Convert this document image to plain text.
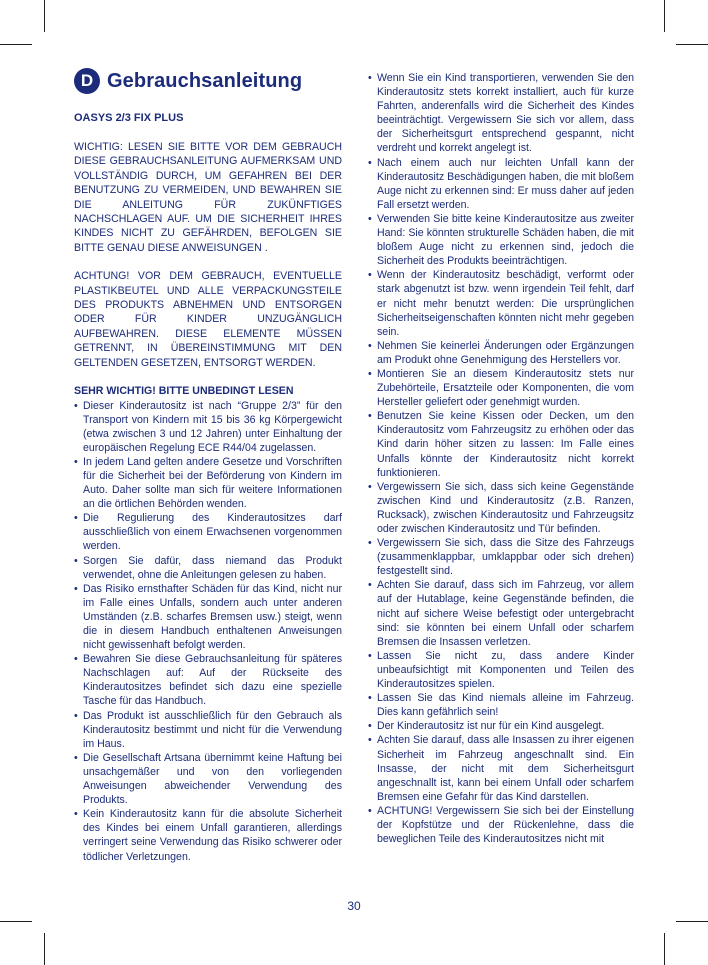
D Gebrauchsanleitung
OASYS 2/3 FIX PLUS

WICHTIG: LESEN SIE BITTE VOR DEM GEBRAUCH DIESE GEBRAUCHSANLEITUNG AUFMERKSAM UND VOLLSTÄNDIG DURCH, UM GEFAHREN BEI DER BENUTZUNG ZU VERMEIDEN, UND BEWAHREN SIE DIE ANLEITUNG FÜR ZUKÜNFTIGES NACHSCHLAGEN AUF. UM DIE SICHERHEIT IHRES KINDES NICHT ZU GEFÄHRDEN, BEFOLGEN SIE BITTE GENAU DIESE ANWEISUNGEN .

ACHTUNG! VOR DEM GEBRAUCH, EVENTUELLE PLASTIKBEUTEL UND ALLE VERPACKUNGSTEILE DES PRODUKTS ABNEHMEN UND ENTSORGEN ODER FÜR KINDER UNZUGÄNGLICH AUFBEWAHREN. DIESE ELEMENTE MÜSSEN GETRENNT, IN ÜBEREINSTIMMUNG MIT DEN GELTENDEN GESETZEN, ENTSORGT WERDEN.

SEHR WICHTIG! BITTE UNBEDINGT LESEN
• Dieser Kinderautositz ist nach “Gruppe 2/3” für den Transport von Kindern mit 15 bis 36 kg Körpergewicht (etwa zwischen 3 und 12 Jahren) unter Einhaltung der europäischen Regelung ECE R44/04 zugelassen.
• In jedem Land gelten andere Gesetze und Vorschriften für die Sicherheit bei der Beförderung von Kindern im Auto. Daher sollte man sich für weitere Informationen an die örtlichen Behörden wenden.
• Die Regulierung des Kinderautositzes darf ausschließlich von einem Erwachsenen vorgenommen werden.
• Sorgen Sie dafür, dass niemand das Produkt verwendet, ohne die Anleitungen gelesen zu haben.
• Das Risiko ernsthafter Schäden für das Kind, nicht nur im Falle eines Unfalls, sondern auch unter anderen Umständen (z.B. scharfes Bremsen usw.) steigt, wenn die in diesem Handbuch enthaltenen Anweisungen nicht gewissenhaft befolgt werden.
• Bewahren Sie diese Gebrauchsanleitung für späteres Nachschlagen auf: Auf der Rückseite des Kinderautositzes befindet sich dazu eine spezielle Tasche für das Handbuch.
• Das Produkt ist ausschließlich für den Gebrauch als Kinderautositz bestimmt und nicht für die Verwendung im Haus.
• Die Gesellschaft Artsana übernimmt keine Haftung bei unsachgemäßer und von den vorliegenden Anweisungen abweichender Verwendung des Produkts.
• Kein Kinderautositz kann für die absolute Sicherheit des Kindes bei einem Unfall garantieren, allerdings verringert seine Verwendung das Risiko schwerer oder tödlicher Verletzungen.
• Wenn Sie ein Kind transportieren, verwenden Sie den Kinderautositz stets korrekt installiert, auch für kurze Fahrten, anderenfalls wird die Sicherheit des Kindes beeinträchtigt. Vergewissern Sie sich vor allem, dass der Sicherheitsgurt entsprechend gespannt, nicht verdreht und korrekt angelegt ist.
• Nach einem auch nur leichten Unfall kann der Kinderautositz Beschädigungen haben, die mit bloßem Auge nicht zu erkennen sind: Er muss daher auf jeden Fall ersetzt werden.
• Verwenden Sie bitte keine Kinderautositze aus zweiter Hand: Sie könnten strukturelle Schäden haben, die mit bloßem Auge nicht zu erkennen sind, jedoch die Sicherheit des Produkts beeinträchtigen.
• Wenn der Kinderautositz beschädigt, verformt oder stark abgenutzt ist bzw. wenn irgendein Teil fehlt, darf er nicht mehr benutzt werden: Die ursprünglichen Sicherheitseigenschaften könnten nicht mehr gegeben sein.
• Nehmen Sie keinerlei Änderungen oder Ergänzungen am Produkt ohne Genehmigung des Herstellers vor.
• Montieren Sie an diesem Kinderautositz stets nur Zubehörteile, Ersatzteile oder Komponenten, die vom Hersteller geliefert oder genehmigt wurden.
• Benutzen Sie keine Kissen oder Decken, um den Kinderautositz vom Fahrzeugsitz zu erhöhen oder das Kind darin höher sitzen zu lassen: Im Falle eines Unfalls könnte der Kinderautositz nicht korrekt funktionieren.
• Vergewissern Sie sich, dass sich keine Gegenstände zwischen Kind und Kinderautositz (z.B. Ranzen, Rucksack), zwischen Kinderautositz und Fahrzeugsitz oder zwischen Kinderautositz und Tür befinden.
• Vergewissern Sie sich, dass die Sitze des Fahrzeugs (zusammenklappbar, umklappbar oder sich drehen) festgestellt sind.
• Achten Sie darauf, dass sich im Fahrzeug, vor allem auf der Hutablage, keine Gegenstände befinden, die nicht auf sichere Weise befestigt oder untergebracht sind: sie könnten bei einem Unfall oder scharfem Bremsen die Insassen verletzen.
• Lassen Sie nicht zu, dass andere Kinder unbeaufsichtigt mit Komponenten und Teilen des Kinderautositzes spielen.
• Lassen Sie das Kind niemals alleine im Fahrzeug. Dies kann gefährlich sein!
• Der Kinderautositz ist nur für ein Kind ausgelegt.
• Achten Sie darauf, dass alle Insassen zu ihrer eigenen Sicherheit im Fahrzeug angeschnallt sind. Ein Insasse, der nicht mit dem Sicherheitsgurt angeschnallt ist, kann bei einem Unfall oder scharfem Bremsen eine Gefahr für das Kind darstellen.
• ACHTUNG! Vergewissern Sie sich bei der Einstellung der Kopfstütze und der Rückenlehne, dass die beweglichen Teile des Kinderautositzes nicht mit
30
